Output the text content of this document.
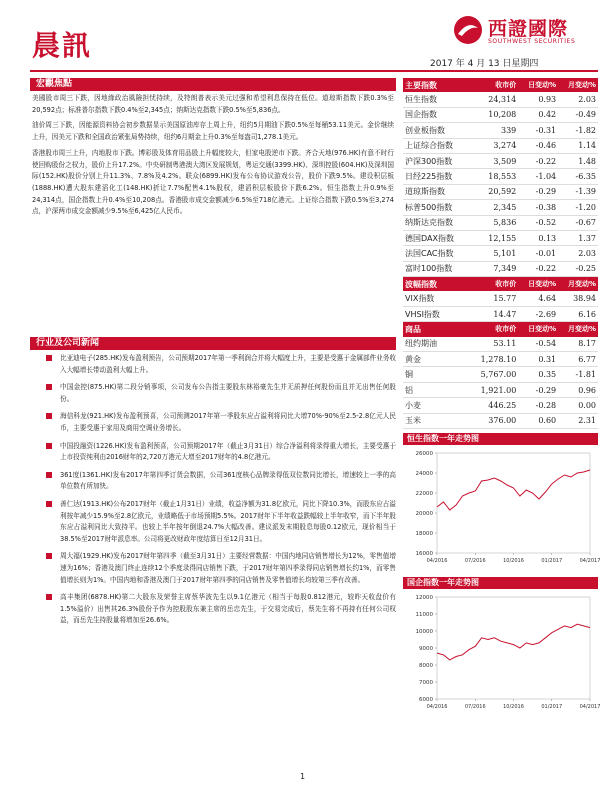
晨訊
2017 年 4 月 13 日星期四
西證國際
SOUTHWEST SECURITIES
宏觀焦點

美國股市周三下跌，因地緣政治風險担忧持续，及特朗普表示美元过强和希望利息保持在低位。道琼斯指数下跌0.3%至20,592点；标准普尔指数下跌0.4%至2,345点；纳斯达克指数下跌0.5%至5,836点。

油价周三下跌，因能源资料协会初步数据显示美国原油库存上周上升，纽约5月期油下跌0.5%至每桶53.11美元。金价继续上升，因美元下跌和全国政治紧张局势持续，纽约6月期金上升0.3%至每盎司1,278.1美元。

香港股市周三上升，内地股市下跌。博彩股及体育用品股上升幅度较大，但家电股逆市下跌。齐合天地(976.HK)有意不时行使回购股份之权力，股价上升17.2%。中央研制粤港澳大湾区发展规划，粤运交通(3399.HK)、深圳控股(604.HK)及深圳国际(152.HK)股价分别上升11.3%、7.8%及4.2%。联众(6899.HK)发布公布协议游戏公告，股价下跌9.5%。建设积层板(1888.HK)遭大股东建滔化工(148.HK)折让7.7%配售4.1%股权，建滔积层板股价下跌6.2%。恒生指数上升0.9%至24,314点，国企指数上升0.4%至10,208点。香港股市成交金额减少6.5%至718亿港元。上证综合指数下跌0.5%至3,274点，沪深两市成交金额减少9.5%至6,425亿人民币。

行业及公司新闻
比亚迪电子(285.HK)发布盈利预告，公司预期2017年第一季利润合并将大幅度上升，主要是受惠于金属部件业务收入大幅增长带动盈利大幅上升。
中国金控(875.HK)第二段分销事项，公司发布公告指主要股东林裕豪先生并无质押任何股份而且并无出售任何股份。
海信科龙(921.HK)发布盈利预喜，公司预测2017年第一季股东应占溢利将同比大增70%-90%至2.5-2.8亿元人民币，主要受惠于家用及商用空调业务增长。
中国投融资(1226.HK)发布盈利预喜，公司预期2017年（截止3月31日）综合净溢利将录得重大增长，主要受惠于上市投资纯利由2016财年的2,720万港元大增至2017财年的4.8亿港元。
361度(1361.HK)发布2017年第四季订货会数据，公司361度核心品牌录得低双位数同比增长，增速较上一季的高单位数有所加快。
善仁达(1913.HK)公布2017财年（截止1月31日）业绩，收益净额为31.8亿欧元，同比下降10.3%，而股东应占溢利按年减少15.9%至2.8亿欧元，业绩略低于市场预期5.5%。2017财年下半年收益跌幅较上半年收窄，而下半年股东应占溢利同比大致持平。也较上半年按年倒退24.7%大幅改善。建议派发末期股息每股0.12欧元，现价相当于38.5%至2017财年派息率。公司将更改财政年度结算日至12月31日。
周大福(1929.HK)发布2017财年第四季（截至3月31日）主要经营数据：中国内地同店销售增长为12%，零售值增速为16%；香港及澳门终止连续12个季度录得同店销售下跌，于2017财年第四季录得同店销售增长约1%，而零售值增长则为1%。中国内地和香港及澳门于2017财年第四季的同店销售及零售值增长均较第三季有改善。
高丰集团(6878.HK)第二大股东及荣誉主席蔡华波先生以9.1亿港元（相当于每股0.812港元，较昨天收盘价有1.5%溢价）出售其26.3%股份予作为控股股东兼主席的岳忠先生，于交易完成后，蔡先生将不再持有任何公司权益，而岳先生持股量将增加至26.6%。
主要指数	收市价	日变动%	月变动%
恒生指数	24,314	0.93	2.03
国企指数	10,208	0.42	-0.49
创业板指数	339	-0.31	-1.82
上证综合指数	3,274	-0.46	1.14
沪深300指数	3,509	-0.22	1.48
日经225指数	18,553	-1.04	-6.35
道琼斯指数	20,592	-0.29	-1.39
标普500指数	2,345	-0.38	-1.20
纳斯达克指数	5,836	-0.52	-0.67
德国DAX指数	12,155	0.13	1.37
法国CAC指数	5,101	-0.01	2.03
富时100指数	7,349	-0.22	-0.25
波幅指数	收市价	日变动%	月变动%
VIX指数	15.77	4.64	38.94
VHSI指数	14.47	-2.69	6.16
商品	收市价	日变动%	月变动%
纽约期油	53.11	-0.54	8.17
黄金	1,278.10	0.31	6.77
铜	5,767.00	0.35	-1.81
铝	1,921.00	-0.29	0.96
小麦	446.25	-0.28	0.00
玉米	376.00	0.60	2.31
恒生指数一年走势图
16000
18000
20000
22000
24000
26000
04/2016	07/2016	10/2016	01/2017	04/2017
国企指数一年走势图
6000
7000
8000
9000
10000
11000
12000
04/2016	07/2016	10/2016	01/2017	04/2017
1
